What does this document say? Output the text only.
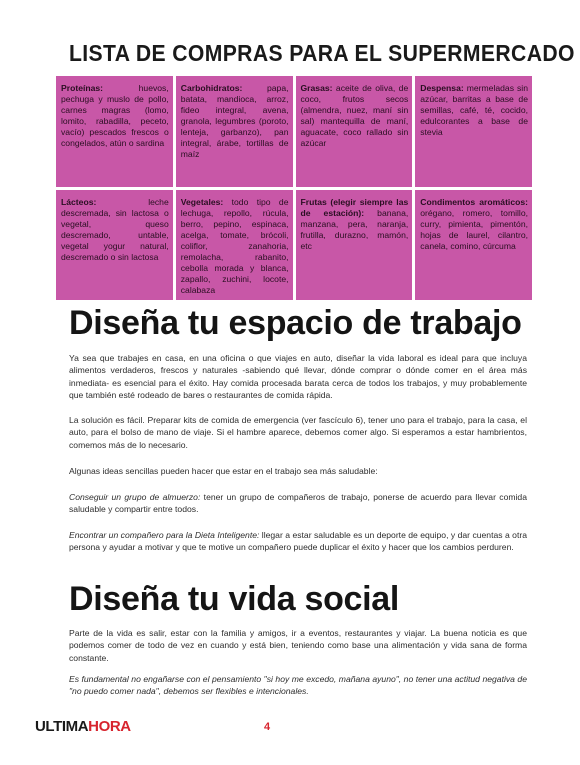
LISTA DE COMPRAS PARA EL SUPERMERCADO
Proteínas: huevos, pechuga y muslo de pollo, carnes magras (lomo, lomito, rabadilla, peceto, vacío) pescados frescos o congelados, atún o sardina
Carbohidratos: papa, batata, mandioca, arroz, fideo integral, avena, granola, legumbres (poroto, lenteja, garbanzo), pan integral, árabe, tortillas de maíz
Grasas: aceite de oliva, de coco, frutos secos (almendra, nuez, maní sin sal) mantequilla de maní, aguacate, coco rallado sin azúcar
Despensa: mermeladas sin azúcar, barritas a base de semillas, café, té, cocido, edulcorantes a base de stevia
Lácteos: leche descremada, sin lactosa o vegetal, queso descremado, untable, vegetal yogur natural, descremado o sin lactosa
Vegetales: todo tipo de lechuga, repollo, rúcula, berro, pepino, espinaca, acelga, tomate, brócoli, coliflor, zanahoria, remolacha, rabanito, cebolla morada y blanca, zapallo, zuchini, locote, calabaza
Frutas (elegir siempre las de estación): banana, manzana, pera, naranja, frutilla, durazno, mamón, etc
Condimentos aromáticos: orégano, romero, tomillo, curry, pimienta, pimentón, hojas de laurel, cilantro, canela, comino, cúrcuma
Diseña tu espacio de trabajo
Ya sea que trabajes en casa, en una oficina o que viajes en auto, diseñar la vida laboral es ideal para que incluya alimentos verdaderos, frescos y naturales -sabiendo qué llevar, dónde comprar o dónde comer en el área más inmediata- es esencial para el éxito. Hay comida procesada barata cerca de todos los trabajos, y muy probablemente que también esté rodeado de bares o restaurantes de comida rápida.
La solución es fácil. Preparar kits de comida de emergencia (ver fascículo 6), tener uno para el trabajo, para la casa, el auto, para el bolso de mano de viaje. Si el hambre aparece, debemos comer algo. Si esperamos a estar hambrientos, comemos más de lo necesario.
Algunas ideas sencillas pueden hacer que estar en el trabajo sea más saludable:
Conseguir un grupo de almuerzo: tener un grupo de compañeros de trabajo, ponerse de acuerdo para llevar comida saludable y compartir entre todos.
Encontrar un compañero para la Dieta Inteligente: llegar a estar saludable es un deporte de equipo, y dar cuentas a otra persona y ayudar a motivar y que te motive un compañero puede duplicar el éxito y hacer que los cambios perduren.
Diseña tu vida social
Parte de la vida es salir, estar con la familia y amigos, ir a eventos, restaurantes y viajar. La buena noticia es que podemos comer de todo de vez en cuando y está bien, teniendo como base una alimentación y vida sana de forma constante.
Es fundamental no engañarse con el pensamiento "si hoy me excedo, mañana ayuno", no tener una actitud negativa de "no puedo comer nada", debemos ser flexibles e intencionales.
ULTIMAHORA	4
